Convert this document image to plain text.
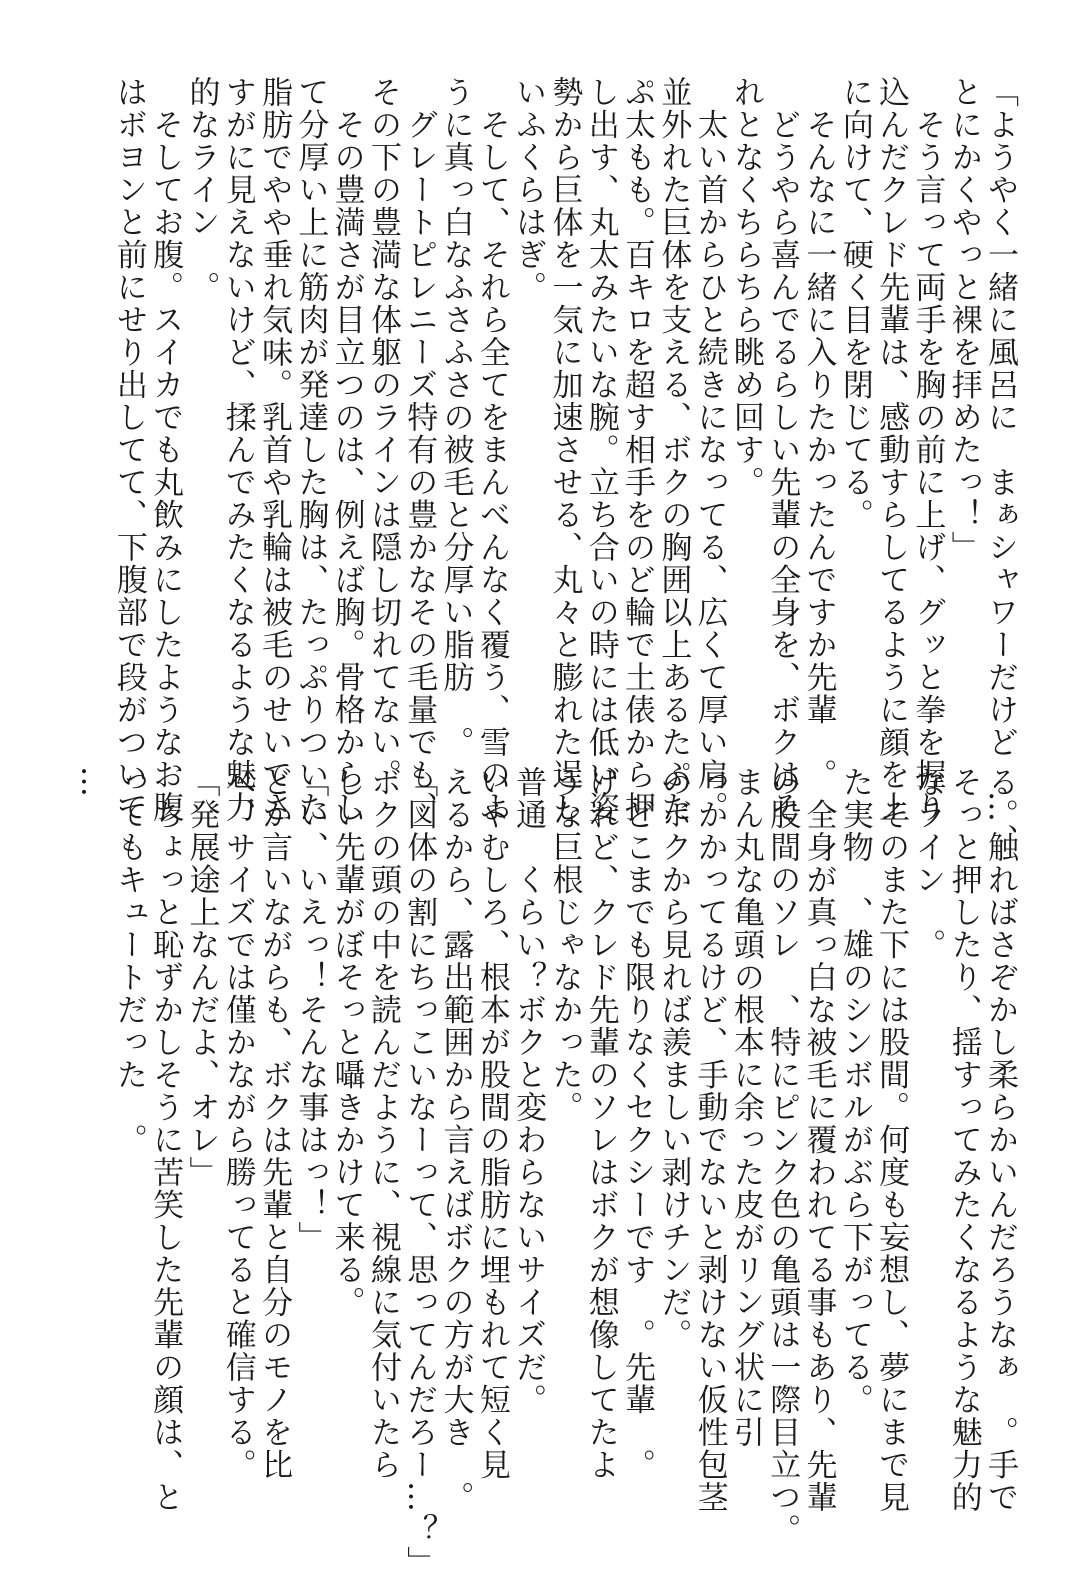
「ようやく一緒に風呂に　まぁシャワーだけど　…、
とにかくやっと裸を拝めたっ！」
　そう言って両手を胸の前に上げ、グッと拳を握り
込んだクレド先輩は、感動すらしてるように顔を上
に向けて、硬く目を閉じてる。
　そんなに一緒に入りたかったんですか先輩　。
　どうやら喜んでるらしい先輩の全身を、ボクはそ
れとなくちらちら眺め回す。
　太い首からひと続きになってる、広くて厚い肩。
並外れた巨体を支える、ボクの胸囲以上あるたぷた
ぷ太もも。百キロを超す相手をのど輪で土俵から押
し出す、丸太みたいな腕。立ち合いの時には低い姿
勢から巨体を一気に加速させる、丸々と膨れた逞し
いふくらはぎ。
　そして、それら全てをまんべんなく覆う、雪のよ
うに真っ白なふさふさの被毛と分厚い脂肪　。
　グレートピレニーズ特有の豊かなその毛量でも、
その下の豊満な体躯のラインは隠し切れてない。
　その豊満さが目立つのは、例えば胸。骨格からし
て分厚い上に筋肉が発達した胸は、たっぷりついた
脂肪でやや垂れ気味。乳首や乳輪は被毛のせいでさ
すがに見えないけど、揉んでみたくなるような魅力
的なライン　。
　そしてお腹。スイカでも丸飲みにしたようなお腹
はボヨンと前にせり出してて、下腹部で段がついて
る。触ればさぞかし柔らかいんだろうなぁ　。手で
そっと押したり、揺すってみたくなるような魅力的
なライン　。
　そのまた下には股間。何度も妄想し、夢にまで見
た実物　、雄のシンボルがぶら下がってる。
　全身が真っ白な被毛に覆われてる事もあり、先輩
の股間のソレ　、特にピンク色の亀頭は一際目立つ。
まん丸な亀頭の根本に余った皮がリング状に引
っかかってるけど、手動でないと剥けない仮性包茎
のボクから見れば羨ましい剥けチンだ。
　どこまでも限りなくセクシーです　。先輩　。
げれど、クレド先輩のソレはボクが想像してたよ
うな巨根じゃなかった。
普通　くらい？ボクと変わらないサイズだ。
いやむしろ、根本が股間の脂肪に埋もれて短く見
えるから、露出範囲から言えばボクの方が大き　。
「図体の割にちっこいなーって、思ってんだろー…？」
ボクの頭の中を読んだように、視線に気付いたら
しい先輩がぼそっと囁きかけて来る。
「い、いえっ！そんな事はっ！」
とか言いながらも、ボクは先輩と自分のモノを比
べ、サイズでは僅かながら勝ってると確信する。
「発展途上なんだよ、オレ」
　ちょっと恥ずかしそうに苦笑した先輩の顔は、と
ってもキュートだった　。
…
